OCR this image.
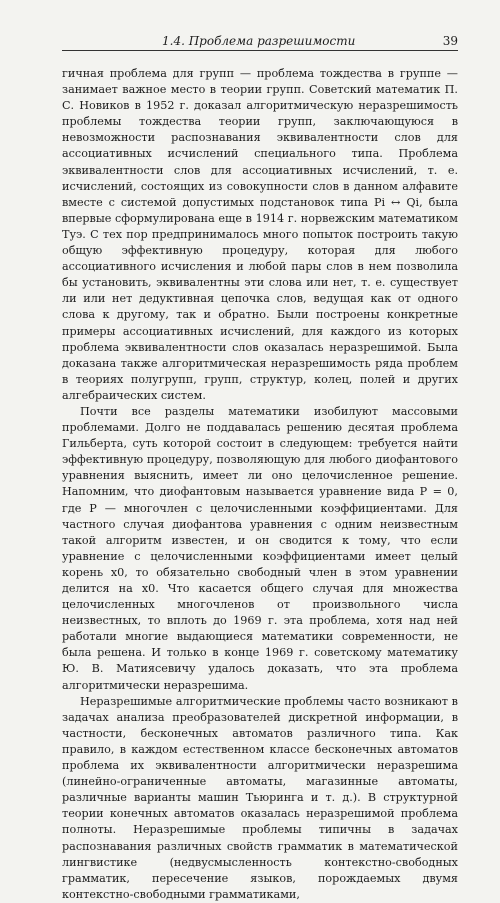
1.4. Проблема разрешимости	39

гичная проблема для групп — проблема тождества в группе — занимает важное место в теории групп. Советский математик П. С. Новиков в 1952 г. доказал алгоритмическую неразрешимость проблемы тождества теории групп, заключающуюся в невозможности распознавания эквивалентности слов для ассоциативных исчислений специального типа. Проблема эквивалентности слов для ассоциативных исчислений, т. е. исчислений, состоящих из совокупности слов в данном алфавите вместе с системой допустимых подстановок типа Pi ↔ Qi, была впервые сформулирована еще в 1914 г. норвежским математиком Туэ. С тех пор предпринималось много попыток построить такую общую эффективную процедуру, которая для любого ассоциативного исчисления и любой пары слов в нем позволила бы установить, эквивалентны эти слова или нет, т. е. существует ли или нет дедуктивная цепочка слов, ведущая как от одного слова к другому, так и обратно. Были построены конкретные примеры ассоциативных исчислений, для каждого из которых проблема эквивалентности слов оказалась неразрешимой. Была доказана также алгоритмическая неразрешимость ряда проблем в теориях полугрупп, групп, структур, колец, полей и других алгебраических систем.

Почти все разделы математики изобилуют массовыми проблемами. Долго не поддавалась решению десятая проблема Гильберта, суть которой состоит в следующем: требуется найти эффективную процедуру, позволяющую для любого диофантового уравнения выяснить, имеет ли оно целочисленное решение. Напомним, что диофантовым называется уравнение вида P = 0, где P — многочлен с целочисленными коэффициентами. Для частного случая диофантова уравнения с одним неизвестным такой алгоритм известен, и он сводится к тому, что если уравнение с целочисленными коэффициентами имеет целый корень x0, то обязательно свободный член в этом уравнении делится на x0. Что касается общего случая для множества целочисленных многочленов от произвольного числа неизвестных, то вплоть до 1969 г. эта проблема, хотя над ней работали многие выдающиеся математики современности, не была решена. И только в конце 1969 г. советскому математику Ю. В. Матиясевичу удалось доказать, что эта проблема алгоритмически неразрешима.

Неразрешимые алгоритмические проблемы часто возникают в задачах анализа преобразователей дискретной информации, в частности, бесконечных автоматов различного типа. Как правило, в каждом естественном классе бесконечных автоматов проблема их эквивалентности алгоритмически неразрешима (линейно-ограниченные автоматы, магазинные автоматы, различные варианты машин Тьюринга и т. д.). В структурной теории конечных автоматов оказалась неразрешимой проблема полноты. Неразрешимые проблемы типичны в задачах распознавания различных свойств грамматик в математической лингвистике (недвусмысленность контекстно-свободных грамматик, пересечение языков, порождаемых двумя контекстно-свободными грамматиками,
